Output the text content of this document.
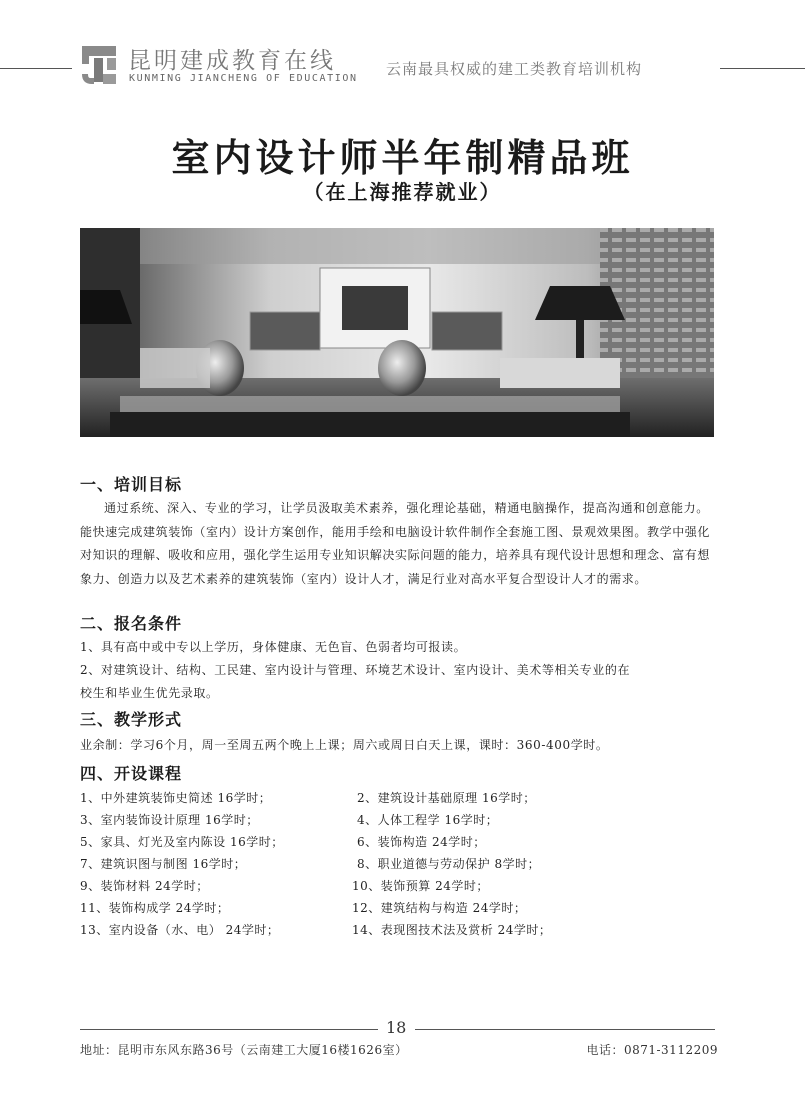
昆明建成教育在线
KUNMING JIANCHENG OF EDUCATION
云南最具权威的建工类教育培训机构
室内设计师半年制精品班
（在上海推荐就业）
一、培训目标
通过系统、深入、专业的学习，让学员汲取美术素养，强化理论基础，精通电脑操作，提高沟通和创意能力。能快速完成建筑装饰（室内）设计方案创作，能用手绘和电脑设计软件制作全套施工图、景观效果图。教学中强化对知识的理解、吸收和应用，强化学生运用专业知识解决实际问题的能力，培养具有现代设计思想和理念、富有想象力、创造力以及艺术素养的建筑装饰（室内）设计人才，满足行业对高水平复合型设计人才的需求。
二、报名条件
1、具有高中或中专以上学历，身体健康、无色盲、色弱者均可报读。
2、对建筑设计、结构、工民建、室内设计与管理、环境艺术设计、室内设计、美术等相关专业的在
校生和毕业生优先录取。
三、教学形式
业余制：学习6个月，周一至周五两个晚上上课；周六或周日白天上课，课时：360-400学时。
四、开设课程
1、中外建筑装饰史简述 16学时；
3、室内装饰设计原理 16学时；
5、家具、灯光及室内陈设 16学时；
7、建筑识图与制图 16学时；
9、装饰材料 24学时；
11、装饰构成学 24学时；
13、室内设备（水、电） 24学时；
2、建筑设计基础原理 16学时；
4、人体工程学 16学时；
6、装饰构造 24学时；
8、职业道德与劳动保护 8学时；
10、装饰预算 24学时；
12、建筑结构与构造 24学时；
14、表现图技术法及赏析 24学时；
18
地址：昆明市东风东路36号（云南建工大厦16楼1626室）	电话：0871-3112209
